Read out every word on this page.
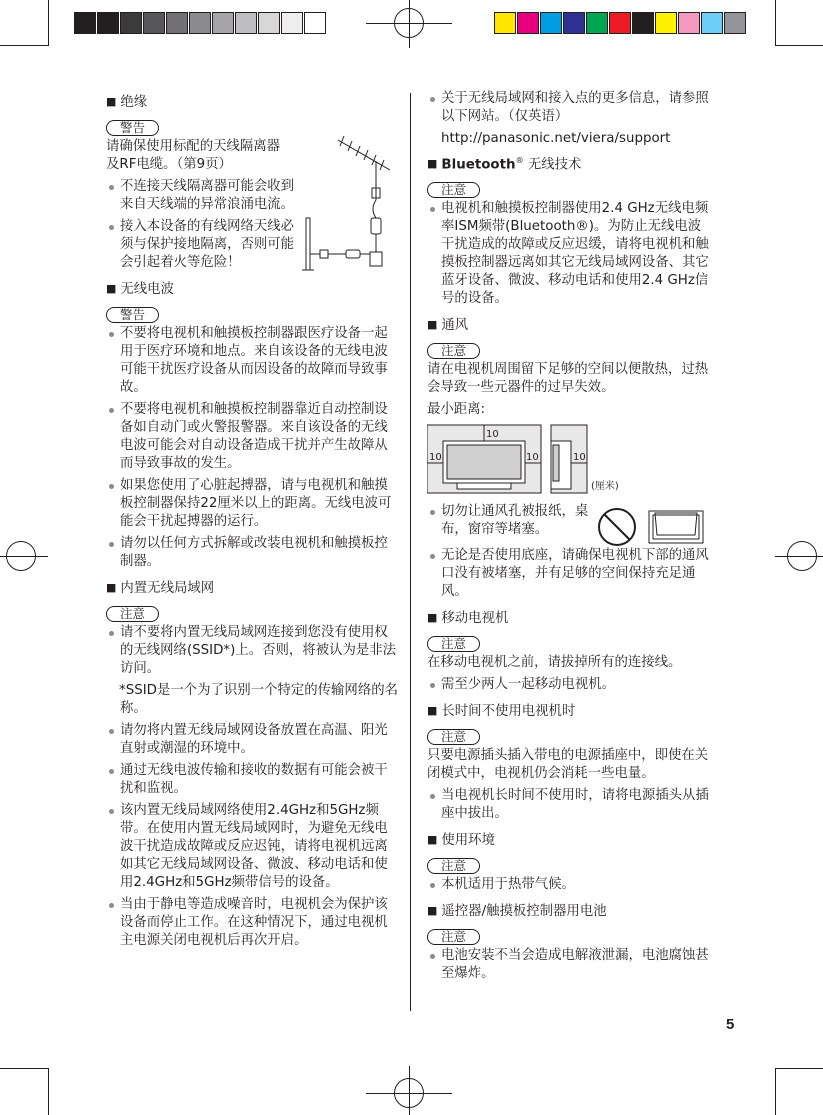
■ 绝缘
警告

请确保使用标配的天线隔离器及RF电缆。（第9页）

不连接天线隔离器可能会收到来自天线端的异常浪涌电流。
接入本设备的有线网络天线必须与保护接地隔离，否则可能会引起着火等危险！
■ 无线电波
警告
不要将电视机和触摸板控制器跟医疗设备一起用于医疗环境和地点。来自该设备的无线电波可能干扰医疗设备从而因设备的故障而导致事故。
不要将电视机和触摸板控制器靠近自动控制设备如自动门或火警报警器。来自该设备的无线电波可能会对自动设备造成干扰并产生故障从而导致事故的发生。
如果您使用了心脏起搏器，请与电视机和触摸板控制器保持22厘米以上的距离。无线电波可能会干扰起搏器的运行。
请勿以任何方式拆解或改装电视机和触摸板控制器。
■ 内置无线局域网
注意
请不要将内置无线局域网连接到您没有使用权的无线网络(SSID*)上。否则，将被认为是非法访问。
*SSID是一个为了识别一个特定的传输网络的名称。
请勿将内置无线局域网设备放置在高温、阳光直射或潮湿的环境中。
通过无线电波传输和接收的数据有可能会被干扰和监视。
该内置无线局域网络使用2.4GHz和5GHz频带。在使用内置无线局域网时，为避免无线电波干扰造成故障或反应迟钝，请将电视机远离如其它无线局域网设备、微波、移动电话和使用2.4GHz和5GHz频带信号的设备。
当由于静电等造成噪音时，电视机会为保护该设备而停止工作。在这种情况下，通过电视机主电源关闭电视机后再次开启。
关于无线局域网和接入点的更多信息，请参照以下网站。（仅英语）

http://panasonic.net/viera/support

■ Bluetooth® 无线技术
注意
电视机和触摸板控制器使用2.4 GHz无线电频率ISM频带(Bluetooth®)。为防止无线电波干扰造成的故障或反应迟缓，请将电视机和触摸板控制器远离如其它无线局域网设备、其它蓝牙设备、微波、移动电话和使用2.4 GHz信号的设备。
■ 通风
注意

请在电视机周围留下足够的空间以便散热，过热会导致一些元器件的过早失效。

最小距离:

10
10	10	10
(厘米)
切勿让通风孔被报纸，桌布，窗帘等堵塞。
无论是否使用底座，请确保电视机下部的通风口没有被堵塞，并有足够的空间保持充足通风。
■ 移动电视机
注意

在移动电视机之前，请拔掉所有的连接线。

需至少两人一起移动电视机。
■ 长时间不使用电视机时
注意

只要电源插头插入带电的电源插座中，即使在关闭模式中，电视机仍会消耗一些电量。

当电视机长时间不使用时，请将电源插头从插座中拔出。
■ 使用环境
注意
本机适用于热带气候。
■ 遥控器/触摸板控制器用电池
注意
电池安装不当会造成电解液泄漏，电池腐蚀甚至爆炸。
5
